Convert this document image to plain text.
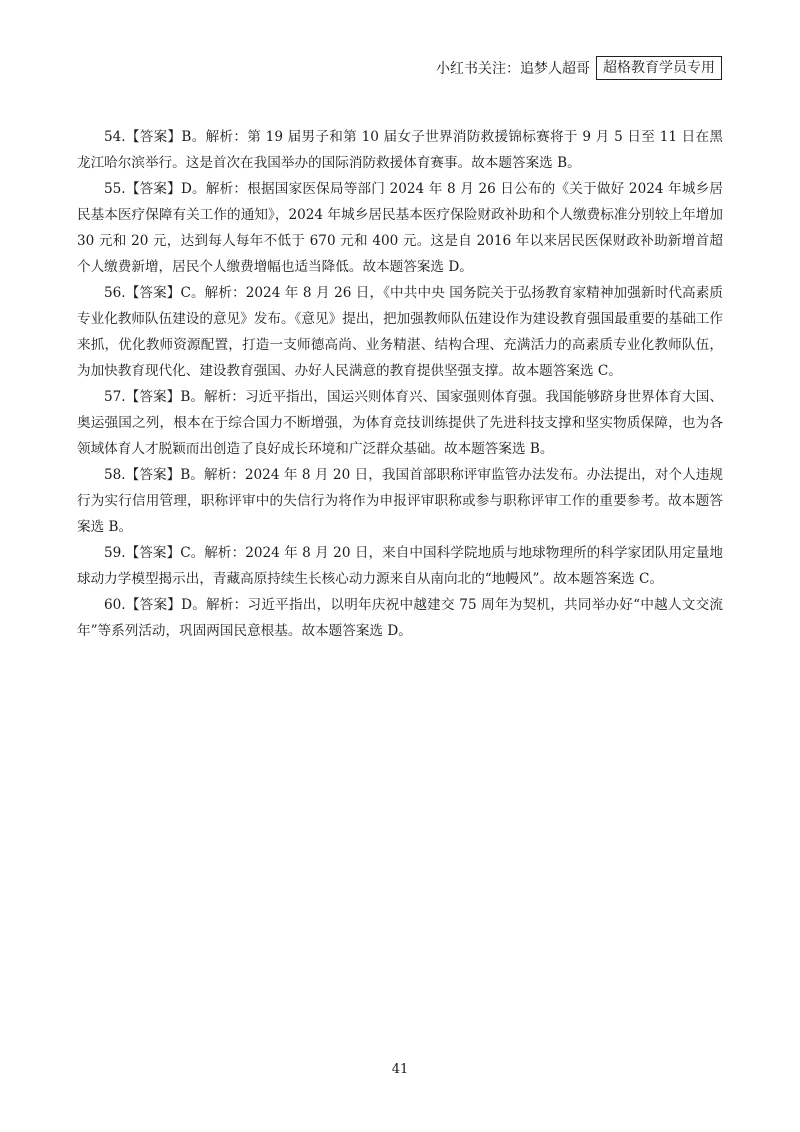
小红书关注：追梦人超哥 超格教育学员专用

54.【答案】B。解析：第 19 届男子和第 10 届女子世界消防救援锦标赛将于 9 月 5 日至 11 日在黑龙江哈尔滨举行。这是首次在我国举办的国际消防救援体育赛事。故本题答案选 B。

55.【答案】D。解析：根据国家医保局等部门 2024 年 8 月 26 日公布的《关于做好 2024 年城乡居民基本医疗保障有关工作的通知》，2024 年城乡居民基本医疗保险财政补助和个人缴费标准分别较上年增加 30 元和 20 元，达到每人每年不低于 670 元和 400 元。这是自 2016 年以来居民医保财政补助新增首超个人缴费新增，居民个人缴费增幅也适当降低。故本题答案选 D。

56.【答案】C。解析：2024 年 8 月 26 日，《中共中央 国务院关于弘扬教育家精神加强新时代高素质专业化教师队伍建设的意见》发布。《意见》提出，把加强教师队伍建设作为建设教育强国最重要的基础工作来抓，优化教师资源配置，打造一支师德高尚、业务精湛、结构合理、充满活力的高素质专业化教师队伍，为加快教育现代化、建设教育强国、办好人民满意的教育提供坚强支撑。故本题答案选 C。

57.【答案】B。解析：习近平指出，国运兴则体育兴、国家强则体育强。我国能够跻身世界体育大国、奥运强国之列，根本在于综合国力不断增强，为体育竞技训练提供了先进科技支撑和坚实物质保障，也为各领域体育人才脱颖而出创造了良好成长环境和广泛群众基础。故本题答案选 B。

58.【答案】B。解析：2024 年 8 月 20 日，我国首部职称评审监管办法发布。办法提出，对个人违规行为实行信用管理，职称评审中的失信行为将作为申报评审职称或参与职称评审工作的重要参考。故本题答案选 B。

59.【答案】C。解析：2024 年 8 月 20 日，来自中国科学院地质与地球物理所的科学家团队用定量地球动力学模型揭示出，青藏高原持续生长核心动力源来自从南向北的“地幔风”。故本题答案选 C。

60.【答案】D。解析：习近平指出，以明年庆祝中越建交 75 周年为契机，共同举办好“中越人文交流年”等系列活动，巩固两国民意根基。故本题答案选 D。

41
